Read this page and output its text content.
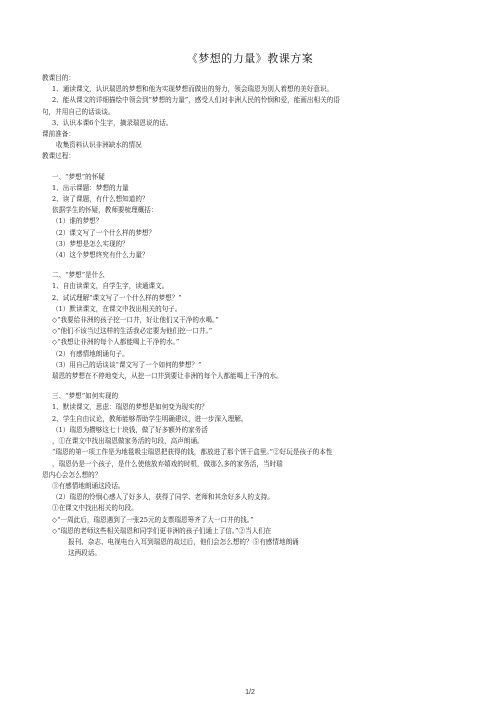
《梦想的力量》教课方案
教课目的：
1、通读课文，认识瑞恩的梦想和他为实现梦想而做出的努力，领会瑞恩为别人着想的美好意识。
2、能从课文的详细描绘中领会到“梦想的力量”，感受人们对非洲人民的怜悯和爱，能画出相关的语
句，并用自己的话谈谈。
3、认识本课6个生字，摘录瑞恩说的话。
课前准备：
收集资料认识非洲缺水的情况
教课过程：
一、“梦想”的怀疑
1、出示课题：梦想的力量
2、读了课题，有什么想知道的？
依据学生的怀疑，教师要梳理概括：
（1）谁的梦想？
（2）课文写了一个什么样的梦想？
（3）梦想是怎么实现的？
（4）这个梦想终究有什么力量？
二、“梦想”是什么
1、自由读课文，自学生字，读通课文。
2、试试理解“课文写了一个什么样的梦想？”
（1）默读课文，在课文中找出相关的句子。
◇“我要给非洲的孩子挖一口井，好让他们又干净的水喝。”
◇“他们不该当过这样的生活我必定要为他们挖一口井。”
◇“我想让非洲的每个人都能喝上干净的水。”
（2）有感情地朗诵句子。
（3）用自己的话谈谈“课文写了一个如何的梦想？”
瑞恩的梦想在不停地变大，从挖一口井到要让非洲的每个人都能喝上干净的水。
三、“梦想”如何实现的
1、默读课文，思虑：瑞恩的梦想是如何变为现实的？
2、学生自由议论，教师能够帮助学生明确建议，进一步深入理解。
（1）瑞恩为攒够这七十块钱，做了好多额外的家务活
，①在课文中找出瑞恩做家务活的句段，高声朗诵。
“瑞恩的第一项工作是为地毯吸尘瑞恩把获得的钱，都放进了那个饼干盒里。”②好玩是孩子的本性
，瑞恩仍是一个孩子，是什么使他放弃嬉戏的时机，做那么多的家务活，当时瑞
恩内心会怎么想的？
③有感情地朗诵这段话。
（2）瑞恩的怜悯心感人了好多人，获得了同学、老师和其余好多人的支持。
①在课文中找出相关的句段。
◇“一周此后，瑞恩遇到了一张25元的支票瑞恩筹齐了大一口井的钱。”
◇“瑞恩的老师这些相关瑞恩和同学们更非洲的孩子们通上了信。”②当人们在
报刊、杂志、电视电台入耳到瑞恩的故过后，他们会怎么想的？⑤有感情地朗诵
这两段话。
1/2
